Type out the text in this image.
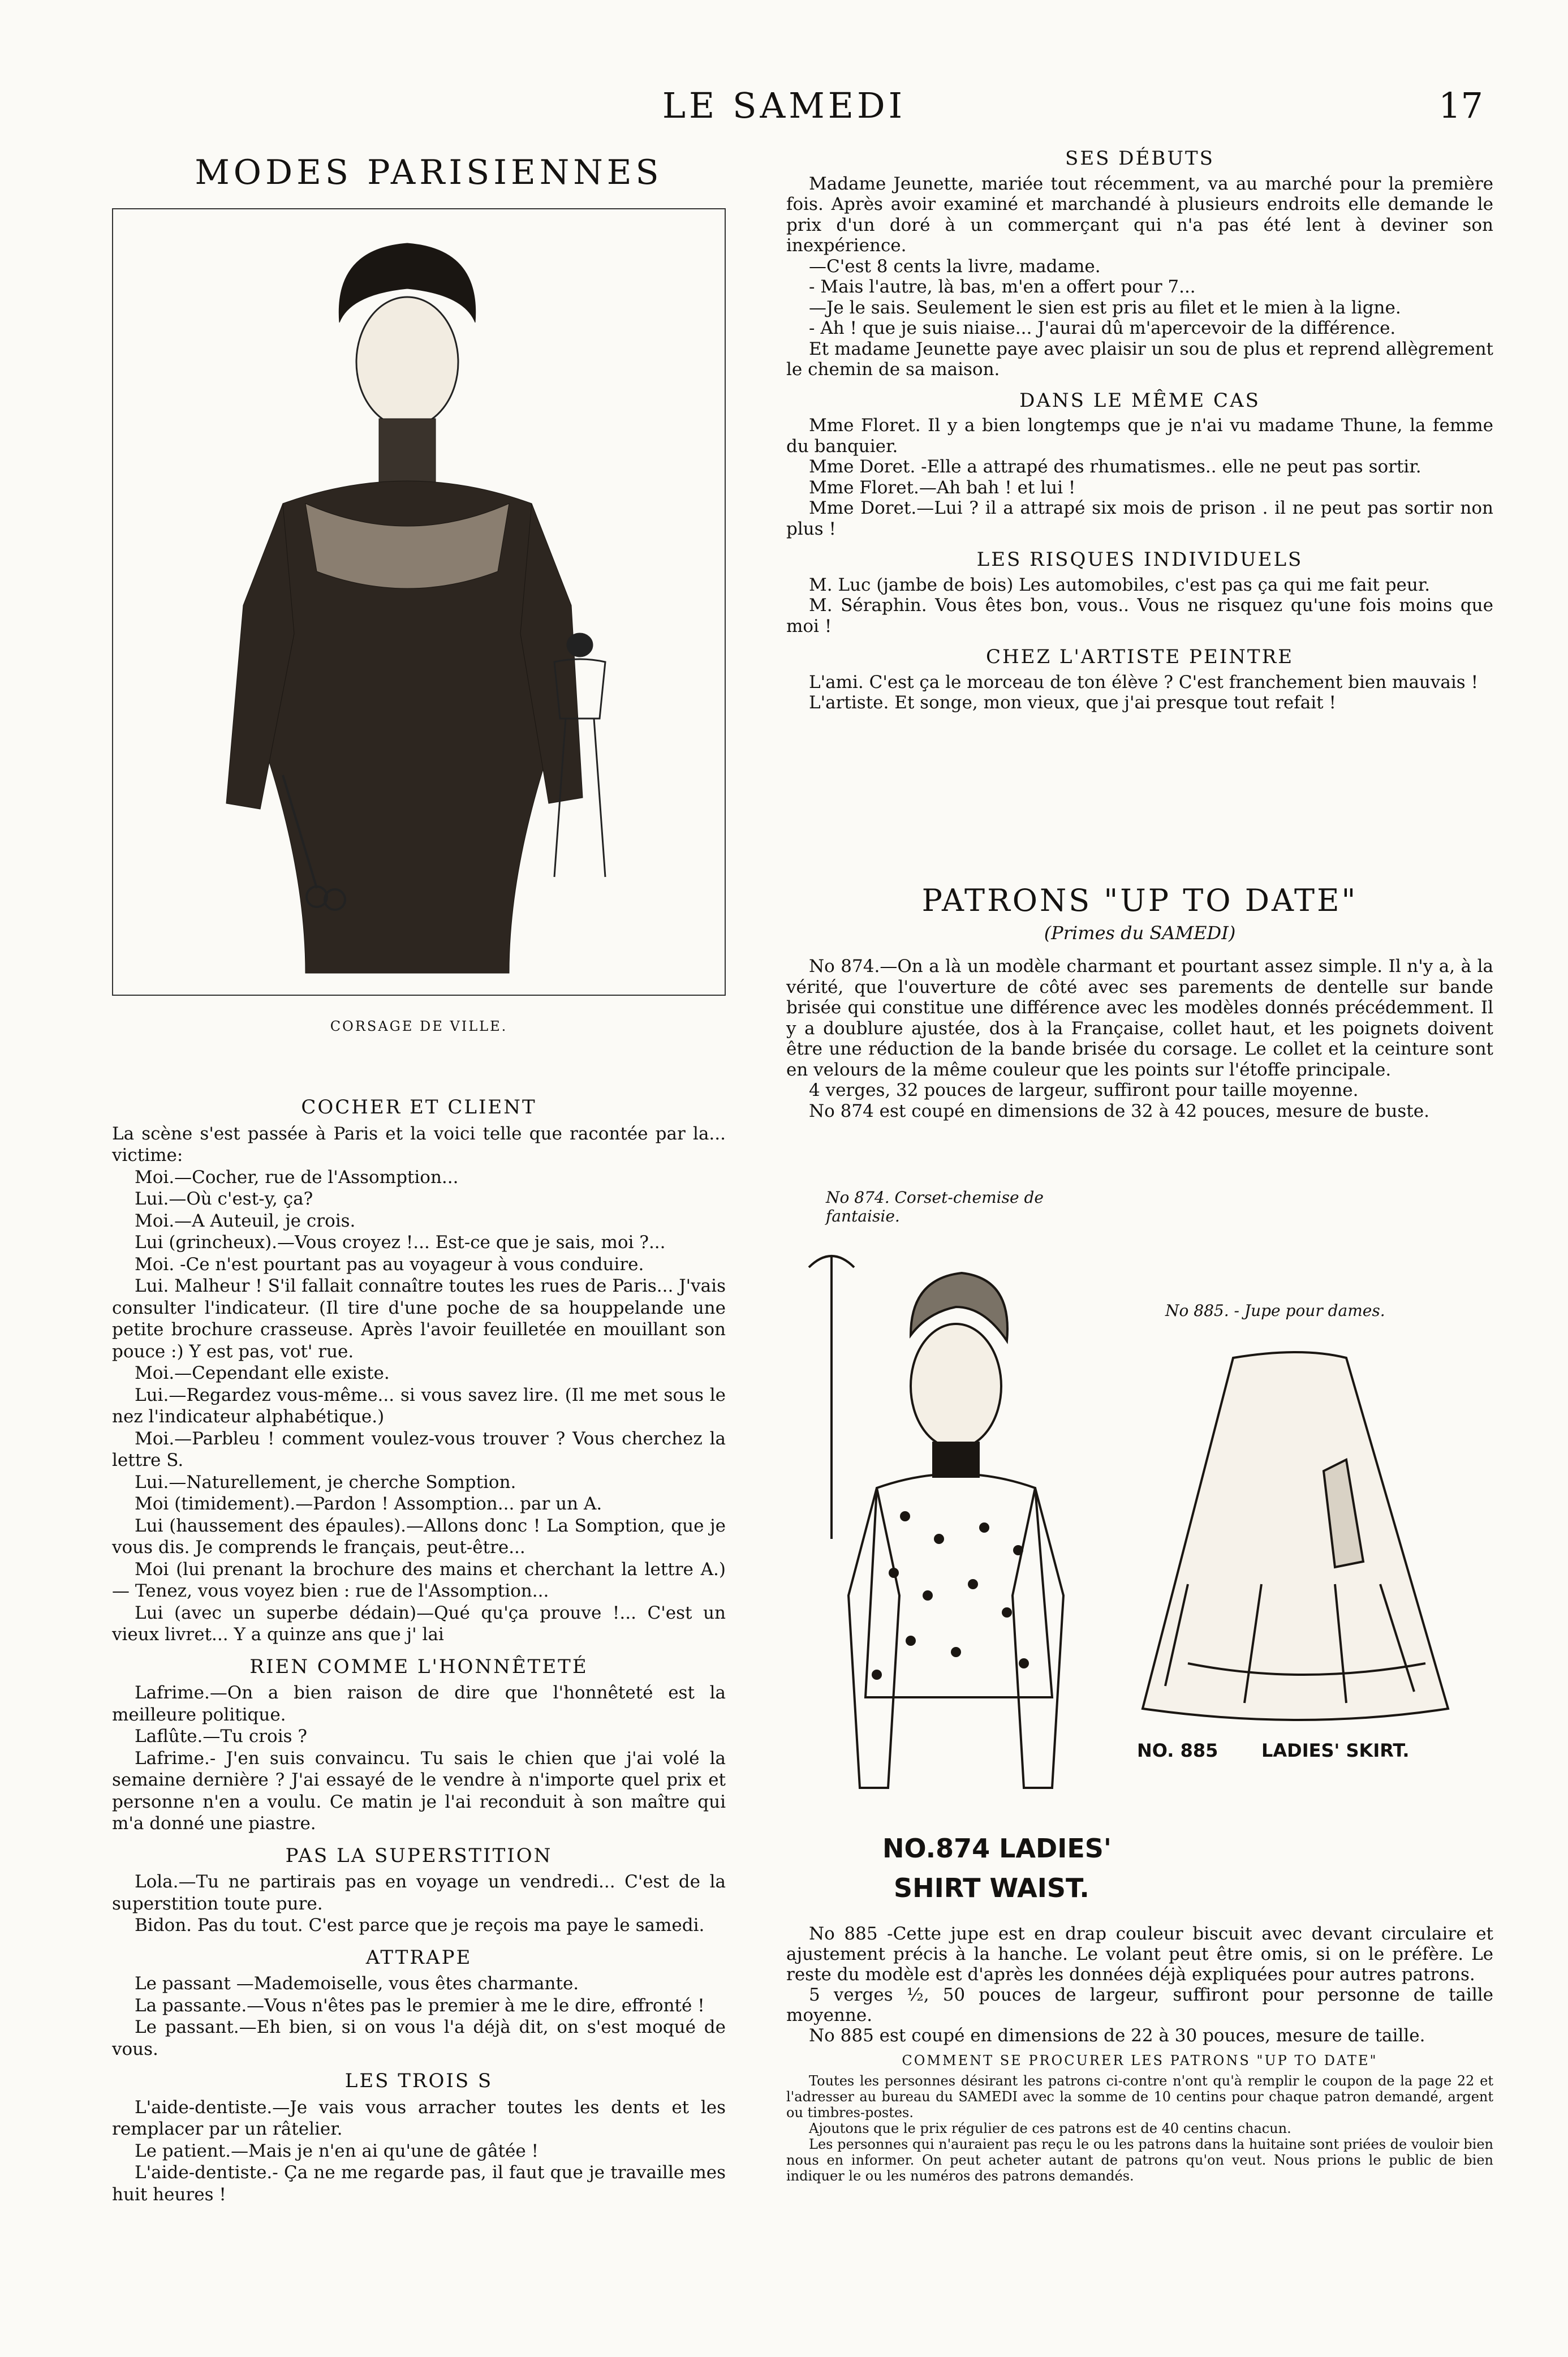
LE SAMEDI	17
MODES PARISIENNES
CORSAGE DE VILLE.
COCHER ET CLIENT

La scène s'est passée à Paris et la voici telle que racontée par la... victime:

Moi.—Cocher, rue de l'Assomption...

Lui.—Où c'est-y, ça?

Moi.—A Auteuil, je crois.

Lui (grincheux).—Vous croyez !... Est-ce que je sais, moi ?...

Moi. -Ce n'est pourtant pas au voyageur à vous conduire.

Lui. Malheur ! S'il fallait connaître toutes les rues de Paris... J'vais consulter l'indicateur. (Il tire d'une poche de sa houppelande une petite brochure crasseuse. Après l'avoir feuilletée en mouillant son pouce :) Y est pas, vot' rue.

Moi.—Cependant elle existe.

Lui.—Regardez vous-même... si vous savez lire. (Il me met sous le nez l'indicateur alphabétique.)

Moi.—Parbleu ! comment voulez-vous trouver ? Vous cherchez la lettre S.

Lui.—Naturellement, je cherche Somption.

Moi (timidement).—Pardon ! Assomption... par un A.

Lui (haussement des épaules).—Allons donc ! La Somption, que je vous dis. Je comprends le français, peut-être...

Moi (lui prenant la brochure des mains et cherchant la lettre A.) — Tenez, vous voyez bien : rue de l'Assomption...

Lui (avec un superbe dédain)—Qué qu'ça prouve !... C'est un vieux livret... Y a quinze ans que j' lai

RIEN COMME L'HONNÊTETÉ

Lafrime.—On a bien raison de dire que l'honnêteté est la meilleure politique.

Laflûte.—Tu crois ?

Lafrime.- J'en suis convaincu. Tu sais le chien que j'ai volé la semaine dernière ? J'ai essayé de le vendre à n'importe quel prix et personne n'en a voulu. Ce matin je l'ai reconduit à son maître qui m'a donné une piastre.

PAS LA SUPERSTITION

Lola.—Tu ne partirais pas en voyage un vendredi... C'est de la superstition toute pure.

Bidon. Pas du tout. C'est parce que je reçois ma paye le samedi.

ATTRAPE

Le passant —Mademoiselle, vous êtes charmante.

La passante.—Vous n'êtes pas le premier à me le dire, effronté !

Le passant.—Eh bien, si on vous l'a déjà dit, on s'est moqué de vous.

LES TROIS S

L'aide-dentiste.—Je vais vous arracher toutes les dents et les remplacer par un râtelier.

Le patient.—Mais je n'en ai qu'une de gâtée !

L'aide-dentiste.- Ça ne me regarde pas, il faut que je travaille mes huit heures !

SES DÉBUTS

Madame Jeunette, mariée tout récemment, va au marché pour la première fois. Après avoir examiné et marchandé à plusieurs endroits elle demande le prix d'un doré à un commerçant qui n'a pas été lent à deviner son inexpérience.

—C'est 8 cents la livre, madame.

- Mais l'autre, là bas, m'en a offert pour 7...

—Je le sais. Seulement le sien est pris au filet et le mien à la ligne.

- Ah ! que je suis niaise... J'aurai dû m'apercevoir de la différence.

Et madame Jeunette paye avec plaisir un sou de plus et reprend allègrement le chemin de sa maison.

DANS LE MÊME CAS

Mme Floret. Il y a bien longtemps que je n'ai vu madame Thune, la femme du banquier.

Mme Doret. -Elle a attrapé des rhumatismes.. elle ne peut pas sortir.

Mme Floret.—Ah bah ! et lui !

Mme Doret.—Lui ? il a attrapé six mois de prison . il ne peut pas sortir non plus !

LES RISQUES INDIVIDUELS

M. Luc (jambe de bois) Les automobiles, c'est pas ça qui me fait peur.

M. Séraphin. Vous êtes bon, vous.. Vous ne risquez qu'une fois moins que moi !

CHEZ L'ARTISTE PEINTRE

L'ami. C'est ça le morceau de ton élève ? C'est franchement bien mauvais !

L'artiste. Et songe, mon vieux, que j'ai presque tout refait !

PATRONS "UP TO DATE"
(Primes du SAMEDI)

No 874.—On a là un modèle charmant et pourtant assez simple. Il n'y a, à la vérité, que l'ouverture de côté avec ses parements de dentelle sur bande brisée qui constitue une différence avec les modèles donnés précédemment. Il y a doublure ajustée, dos à la Française, collet haut, et les poignets doivent être une réduction de la bande brisée du corsage. Le collet et la ceinture sont en velours de la même couleur que les points sur l'étoffe principale.

4 verges, 32 pouces de largeur, suffiront pour taille moyenne.

No 874 est coupé en dimensions de 32 à 42 pouces, mesure de buste.

No 874. Corset-chemise de fantaisie.
No 885. - Jupe pour dames.
NO.874 LADIES'
SHIRT WAIST.
NO. 885 LADIES' SKIRT.

No 885 -Cette jupe est en drap couleur biscuit avec devant circulaire et ajustement précis à la hanche. Le volant peut être omis, si on le préfère. Le reste du modèle est d'après les données déjà expliquées pour autres patrons.

5 verges ½, 50 pouces de largeur, suffiront pour personne de taille moyenne.

No 885 est coupé en dimensions de 22 à 30 pouces, mesure de taille.

COMMENT SE PROCURER LES PATRONS "UP TO DATE"

Toutes les personnes désirant les patrons ci-contre n'ont qu'à remplir le coupon de la page 22 et l'adresser au bureau du SAMEDI avec la somme de 10 centins pour chaque patron demandé, argent ou timbres-postes.

Ajoutons que le prix régulier de ces patrons est de 40 centins chacun.

Les personnes qui n'auraient pas reçu le ou les patrons dans la huitaine sont priées de vouloir bien nous en informer. On peut acheter autant de patrons qu'on veut. Nous prions le public de bien indiquer le ou les numéros des patrons demandés.
